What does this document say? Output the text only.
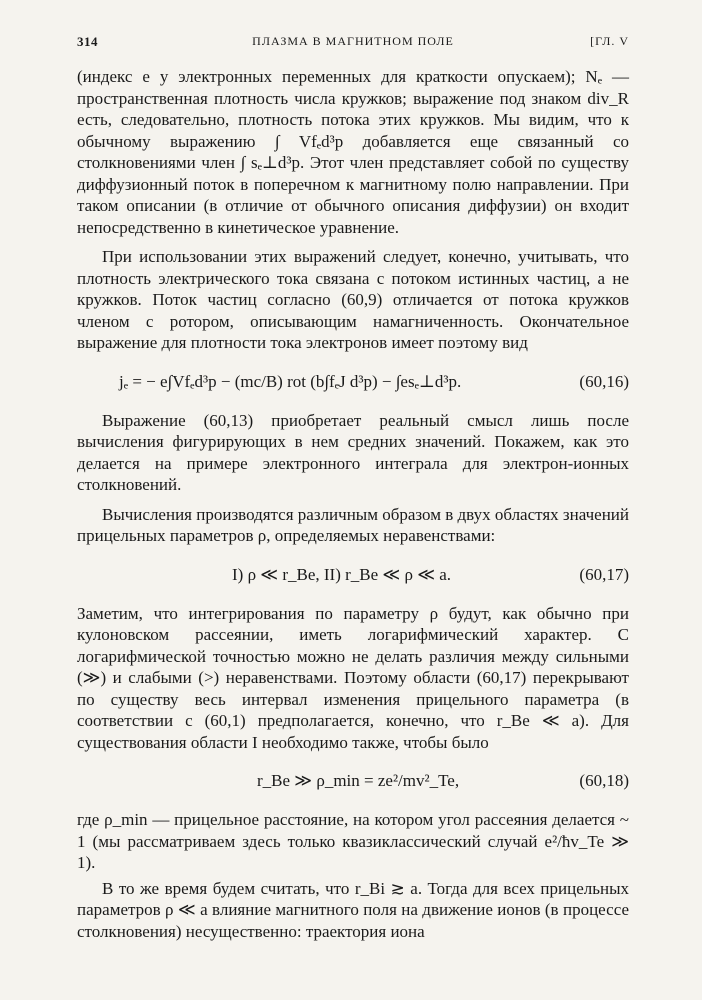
314	ПЛАЗМА В МАГНИТНОМ ПОЛЕ	[ГЛ. V

(индекс e у электронных переменных для краткости опускаем); Nₑ — пространственная плотность числа кружков; выражение под знаком div_R есть, следовательно, плотность потока этих кружков. Мы видим, что к обычному выражению ∫ Vfₑd³p добавляется еще связанный со столкновениями член ∫ sₑ⊥d³p. Этот член представляет собой по существу диффузионный поток в поперечном к магнитному полю направлении. При таком описании (в отличие от обычного описания диффузии) он входит непосредственно в кинетическое уравнение.

При использовании этих выражений следует, конечно, учитывать, что плотность электрического тока связана с потоком истинных частиц, а не кружков. Поток частиц согласно (60,9) отличается от потока кружков членом с ротором, описывающим намагниченность. Окончательное выражение для плотности тока электронов имеет поэтому вид

jₑ = − e∫Vfₑd³p − (mc/B) rot (b∫fₑJ d³p) − ∫esₑ⊥d³p.	(60,16)

Выражение (60,13) приобретает реальный смысл лишь после вычисления фигурирующих в нем средних значений. Покажем, как это делается на примере электронного интеграла для электрон-ионных столкновений.

Вычисления производятся различным образом в двух областях значений прицельных параметров ρ, определяемых неравенствами:

I) ρ ≪ r_Be, II) r_Be ≪ ρ ≪ a.	(60,17)

Заметим, что интегрирования по параметру ρ будут, как обычно при кулоновском рассеянии, иметь логарифмический характер. С логарифмической точностью можно не делать различия между сильными (≫) и слабыми (>) неравенствами. Поэтому области (60,17) перекрывают по существу весь интервал изменения прицельного параметра (в соответствии с (60,1) предполагается, конечно, что r_Be ≪ a). Для существования области I необходимо также, чтобы было

r_Be ≫ ρ_min = ze²/mv²_Te,	(60,18)

где ρ_min — прицельное расстояние, на котором угол рассеяния делается ~ 1 (мы рассматриваем здесь только квазиклассический случай e²/ħv_Te ≫ 1).

В то же время будем считать, что r_Bi ≳ a. Тогда для всех прицельных параметров ρ ≪ a влияние магнитного поля на движение ионов (в процессе столкновения) несущественно: траектория иона
